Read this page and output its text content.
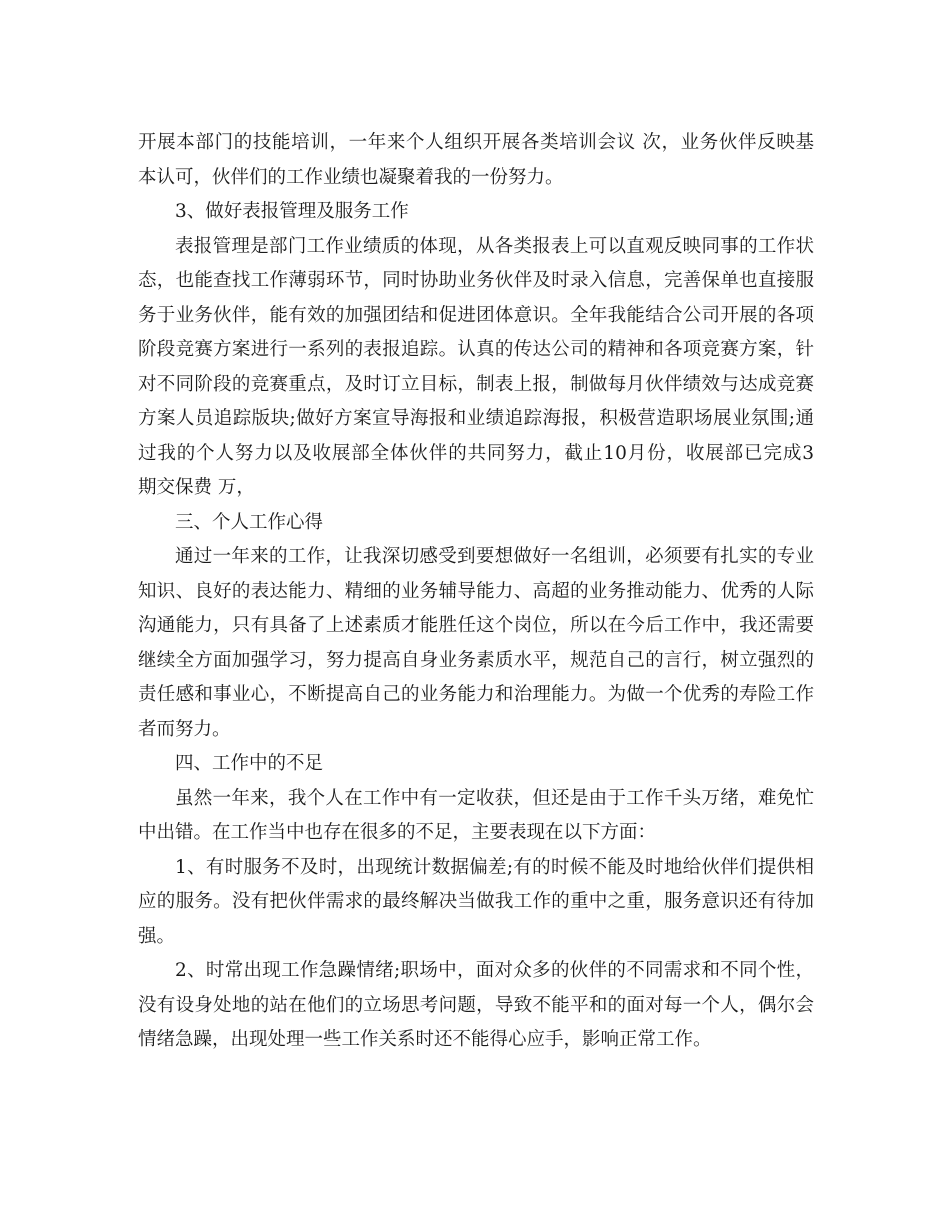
开展本部门的技能培训，一年来个人组织开展各类培训会议 次，业务伙伴反映基
本认可，伙伴们的工作业绩也凝聚着我的一份努力。
3、做好表报管理及服务工作
表报管理是部门工作业绩质的体现，从各类报表上可以直观反映同事的工作状
态，也能查找工作薄弱环节，同时协助业务伙伴及时录入信息，完善保单也直接服
务于业务伙伴，能有效的加强团结和促进团体意识。全年我能结合公司开展的各项
阶段竞赛方案进行一系列的表报追踪。认真的传达公司的精神和各项竞赛方案，针
对不同阶段的竞赛重点，及时订立目标，制表上报，制做每月伙伴绩效与达成竞赛
方案人员追踪版块;做好方案宣导海报和业绩追踪海报，积极营造职场展业氛围;通
过我的个人努力以及收展部全体伙伴的共同努力，截止10月份，收展部已完成3
期交保费 万，
三、个人工作心得
通过一年来的工作，让我深切感受到要想做好一名组训，必须要有扎实的专业
知识、良好的表达能力、精细的业务辅导能力、高超的业务推动能力、优秀的人际
沟通能力，只有具备了上述素质才能胜任这个岗位，所以在今后工作中，我还需要
继续全方面加强学习，努力提高自身业务素质水平，规范自己的言行，树立强烈的
责任感和事业心，不断提高自己的业务能力和治理能力。为做一个优秀的寿险工作
者而努力。
四、工作中的不足
虽然一年来，我个人在工作中有一定收获，但还是由于工作千头万绪，难免忙
中出错。在工作当中也存在很多的不足，主要表现在以下方面：
1、有时服务不及时，出现统计数据偏差;有的时候不能及时地给伙伴们提供相
应的服务。没有把伙伴需求的最终解决当做我工作的重中之重，服务意识还有待加
强。
2、时常出现工作急躁情绪;职场中，面对众多的伙伴的不同需求和不同个性，
没有设身处地的站在他们的立场思考问题，导致不能平和的面对每一个人，偶尔会
情绪急躁，出现处理一些工作关系时还不能得心应手，影响正常工作。
